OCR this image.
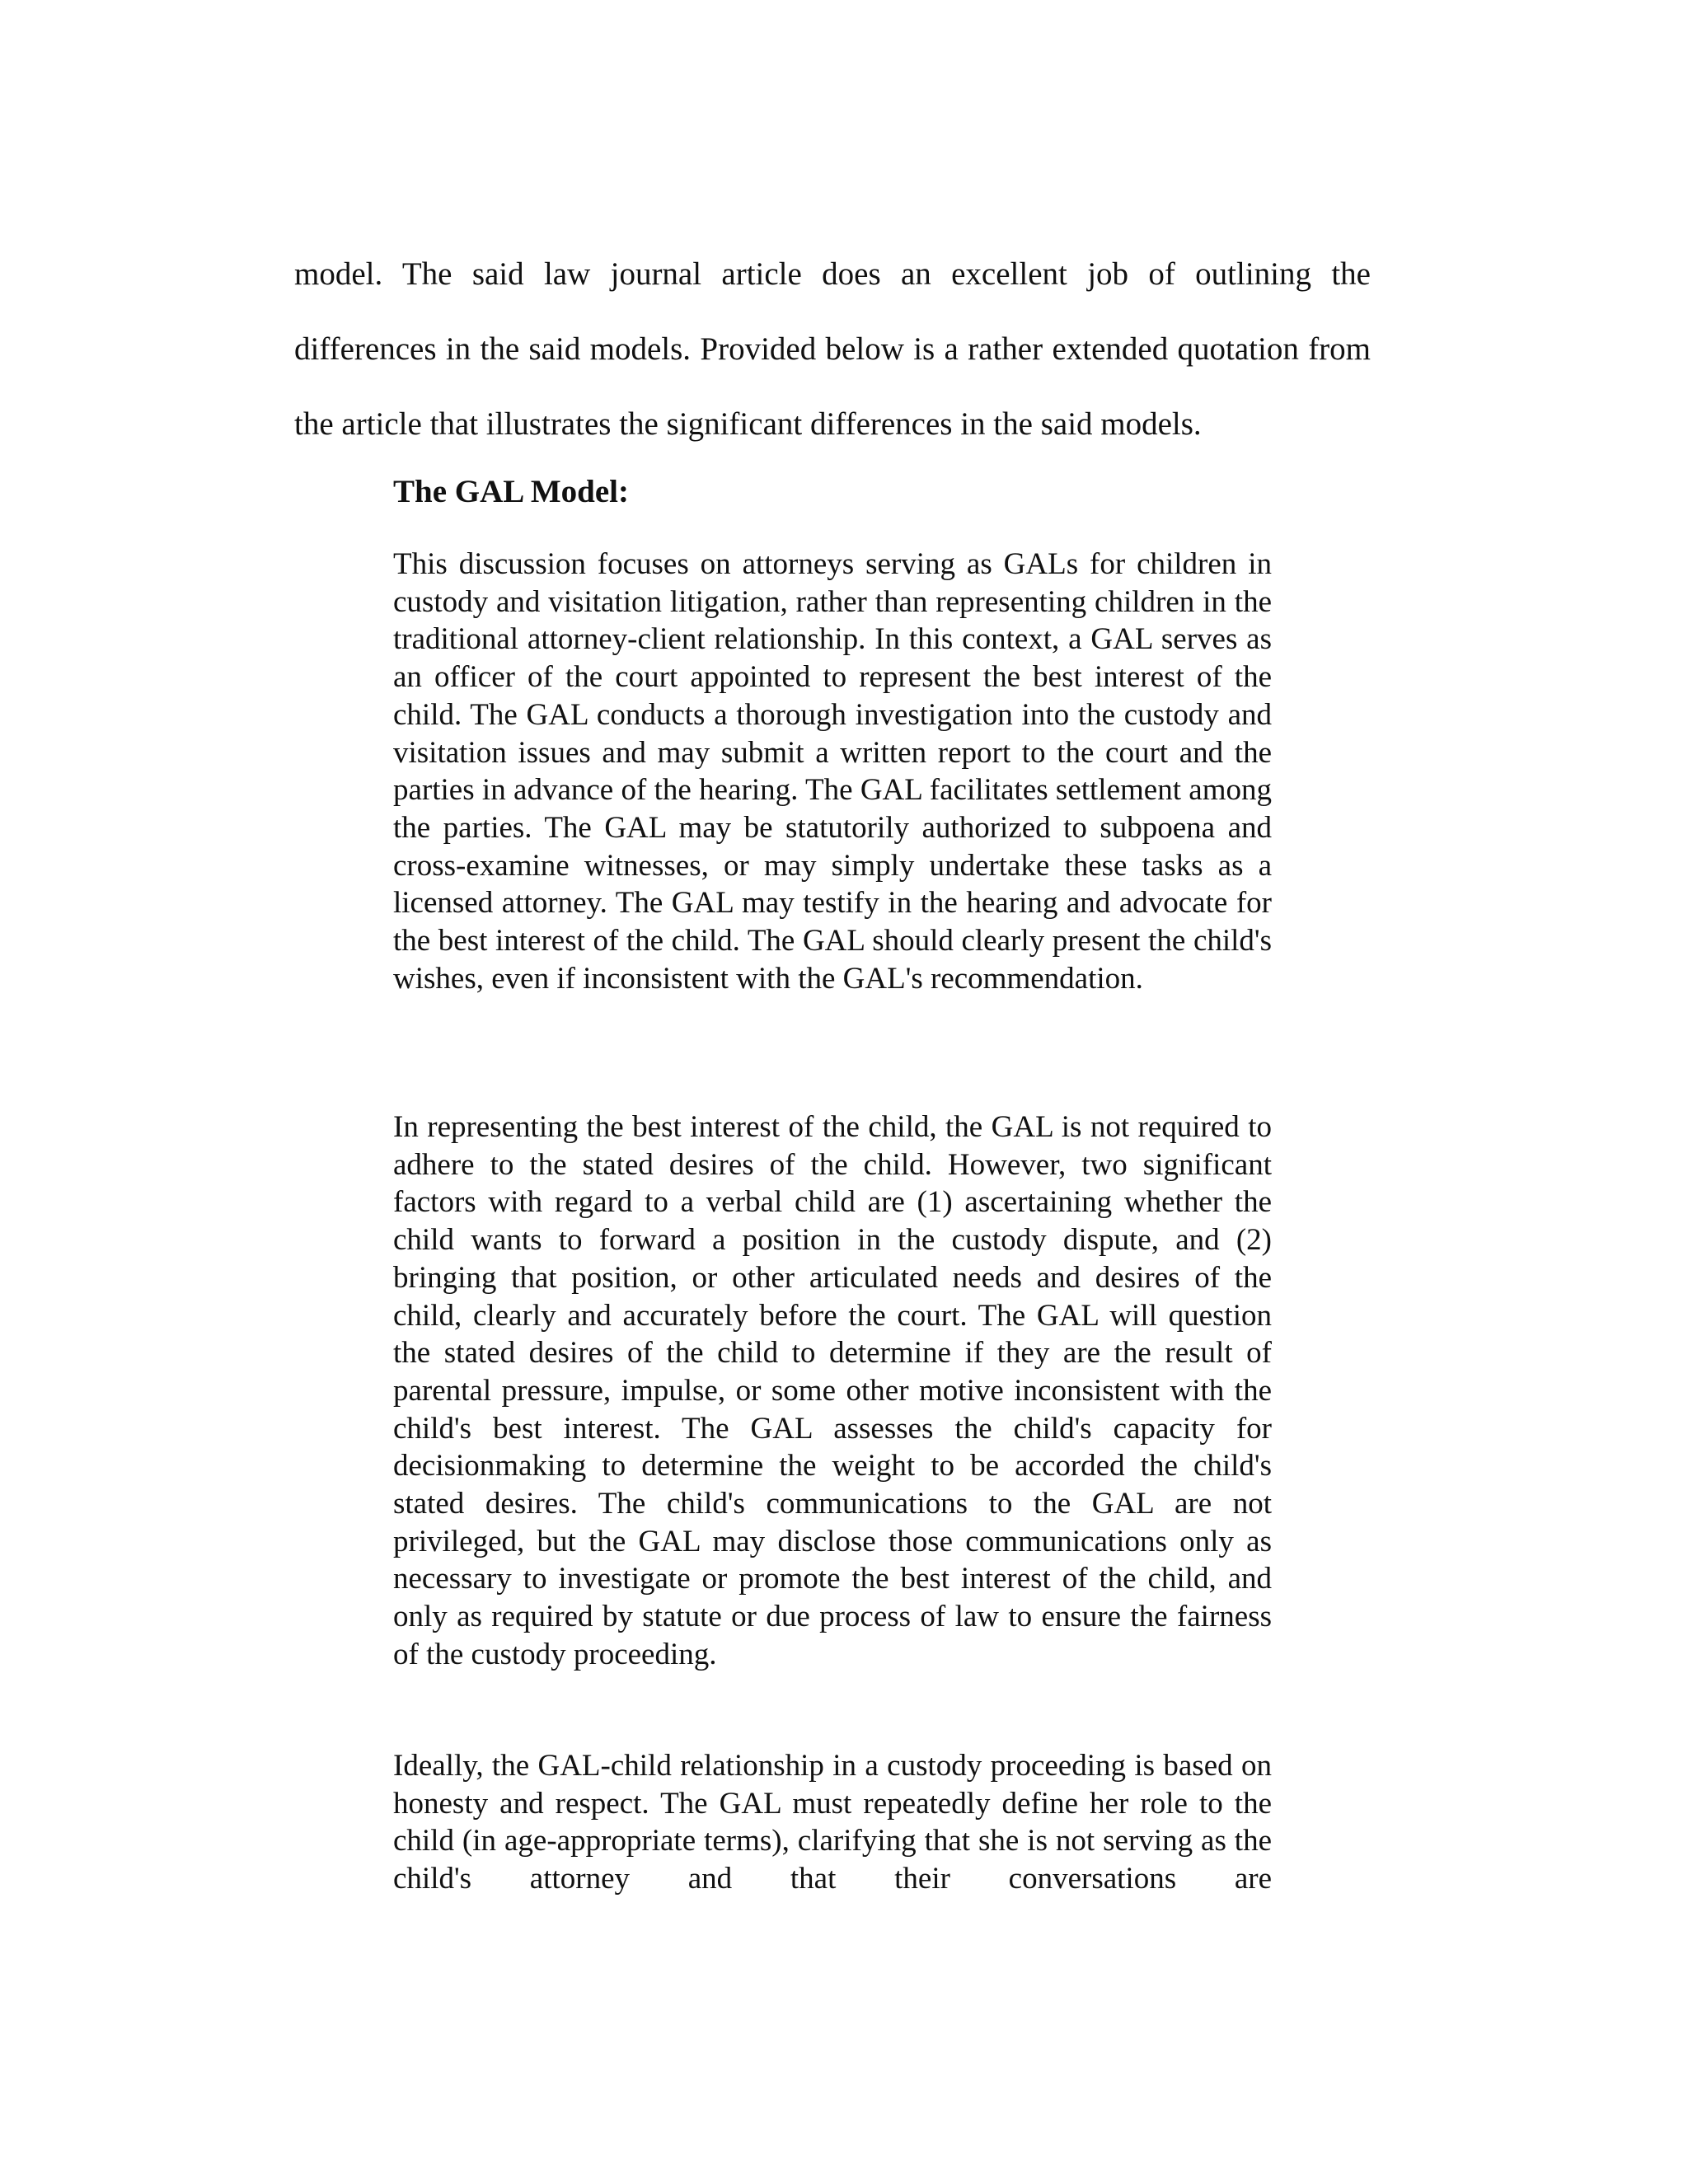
model. The said law journal article does an excellent job of outlining the differences in the said models. Provided below is a rather extended quotation from the article that illustrates the significant differences in the said models.

The GAL Model:

This discussion focuses on attorneys serving as GALs for children in custody and visitation litigation, rather than representing children in the traditional attorney-client relationship. In this context, a GAL serves as an officer of the court appointed to represent the best interest of the child. The GAL conducts a thorough investigation into the custody and visitation issues and may submit a written report to the court and the parties in advance of the hearing. The GAL facilitates settlement among the parties. The GAL may be statutorily authorized to subpoena and cross-examine witnesses, or may simply undertake these tasks as a licensed attorney. The GAL may testify in the hearing and advocate for the best interest of the child. The GAL should clearly present the child's wishes, even if inconsistent with the GAL's recommendation.

In representing the best interest of the child, the GAL is not required to adhere to the stated desires of the child. However, two significant factors with regard to a verbal child are (1) ascertaining whether the child wants to forward a position in the custody dispute, and (2) bringing that position, or other articulated needs and desires of the child, clearly and accurately before the court. The GAL will question the stated desires of the child to determine if they are the result of parental pressure, impulse, or some other motive inconsistent with the child's best interest. The GAL assesses the child's capacity for decisionmaking to determine the weight to be accorded the child's stated desires. The child's communications to the GAL are not privileged, but the GAL may disclose those communications only as necessary to investigate or promote the best interest of the child, and only as required by statute or due process of law to ensure the fairness of the custody proceeding.

Ideally, the GAL-child relationship in a custody proceeding is based on honesty and respect. The GAL must repeatedly define her role to the child (in age-appropriate terms), clarifying that she is not serving as the child's attorney and that their conversations are
